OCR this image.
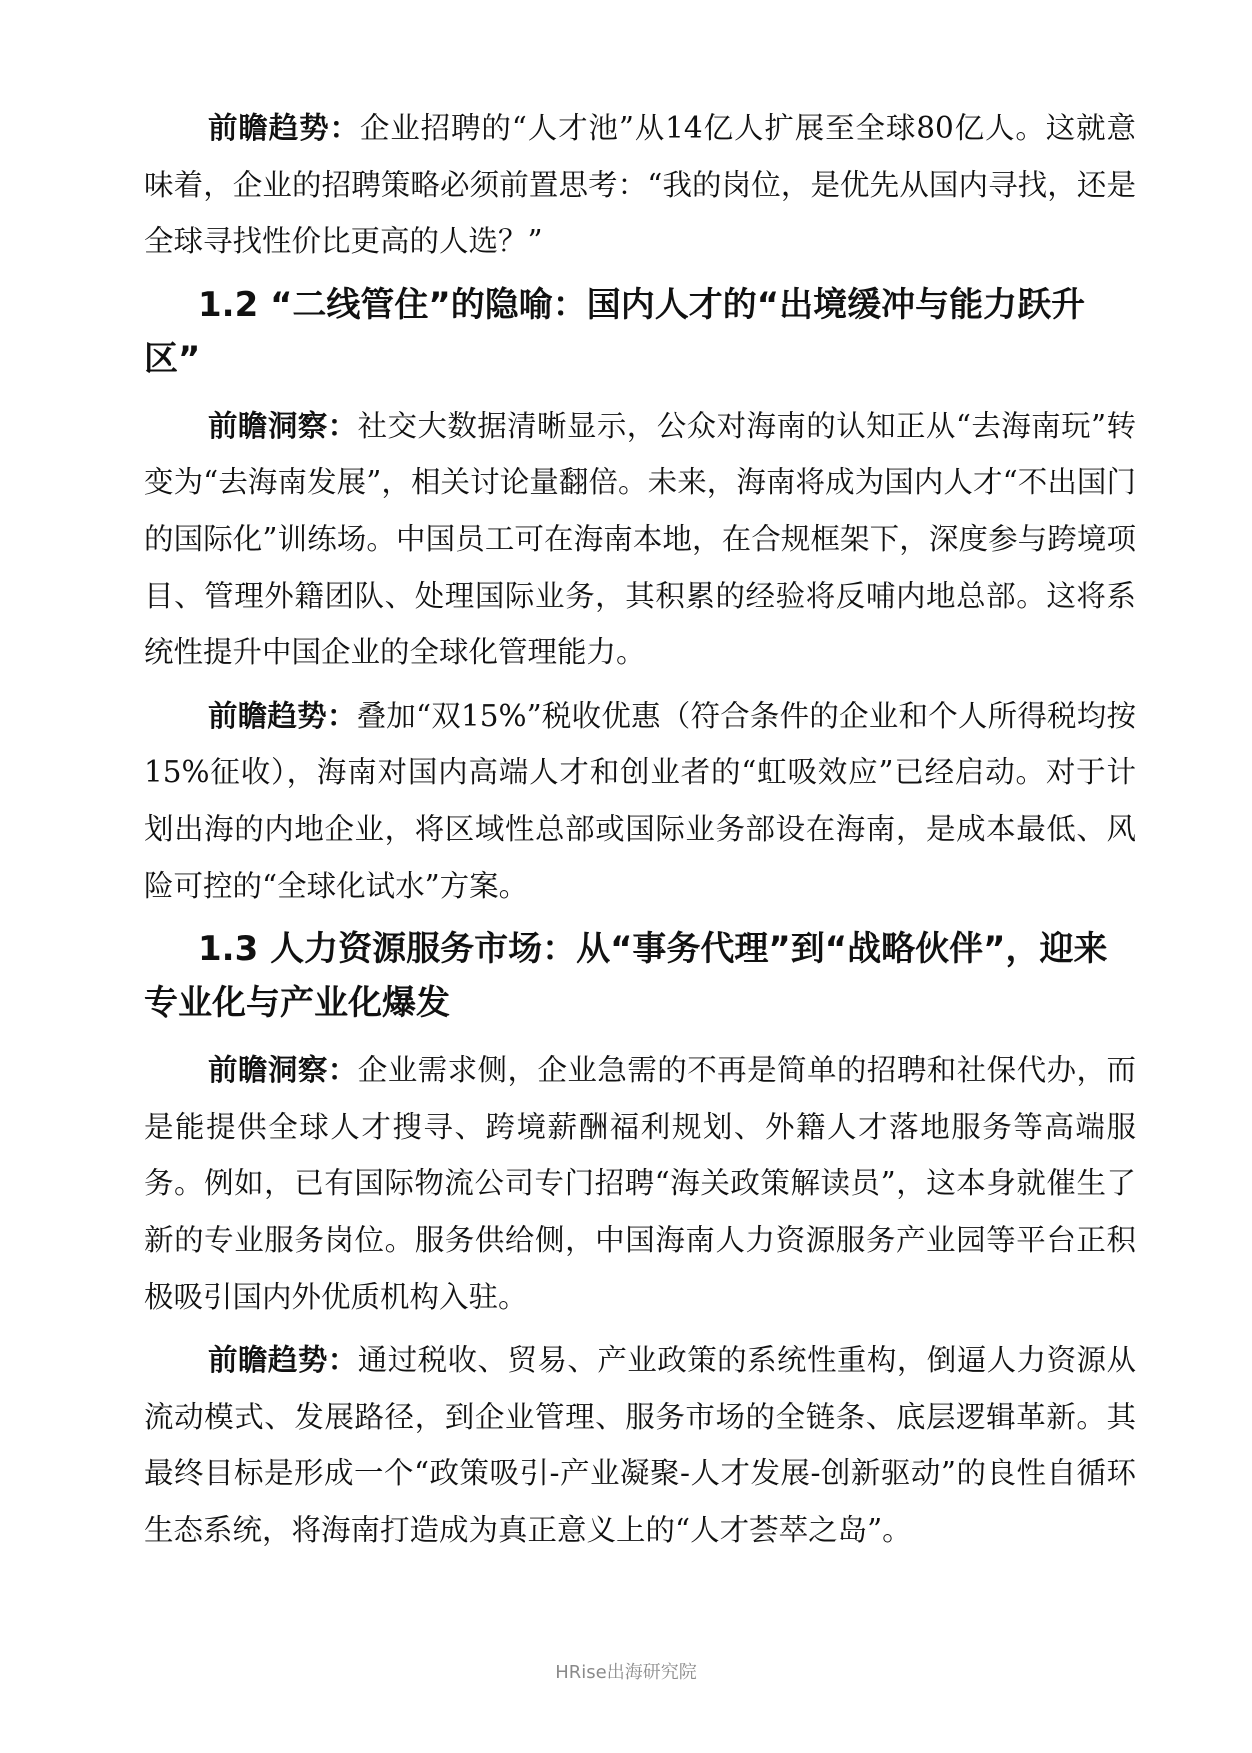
前瞻趋势：企业招聘的“人才池”从14亿人扩展至全球80亿人。这就意味着，企业的招聘策略必须前置思考：“我的岗位，是优先从国内寻找，还是全球寻找性价比更高的人选？”

1.2 “二线管住”的隐喻：国内人才的“出境缓冲与能力跃升区”

前瞻洞察：社交大数据清晰显示，公众对海南的认知正从“去海南玩”转变为“去海南发展”，相关讨论量翻倍。未来，海南将成为国内人才“不出国门的国际化”训练场。中国员工可在海南本地，在合规框架下，深度参与跨境项目、管理外籍团队、处理国际业务，其积累的经验将反哺内地总部。这将系统性提升中国企业的全球化管理能力。

前瞻趋势：叠加“双15%”税收优惠（符合条件的企业和个人所得税均按15%征收），海南对国内高端人才和创业者的“虹吸效应”已经启动。对于计划出海的内地企业，将区域性总部或国际业务部设在海南，是成本最低、风险可控的“全球化试水”方案。

1.3 人力资源服务市场：从“事务代理”到“战略伙伴”，迎来专业化与产业化爆发

前瞻洞察：企业需求侧，企业急需的不再是简单的招聘和社保代办，而是能提供全球人才搜寻、跨境薪酬福利规划、外籍人才落地服务等高端服务。例如，已有国际物流公司专门招聘“海关政策解读员”，这本身就催生了新的专业服务岗位。服务供给侧，中国海南人力资源服务产业园等平台正积极吸引国内外优质机构入驻。

前瞻趋势：通过税收、贸易、产业政策的系统性重构，倒逼人力资源从流动模式、发展路径，到企业管理、服务市场的全链条、底层逻辑革新。其最终目标是形成一个“政策吸引-产业凝聚-人才发展-创新驱动”的良性自循环生态系统，将海南打造成为真正意义上的“人才荟萃之岛”。

HRise出海研究院
